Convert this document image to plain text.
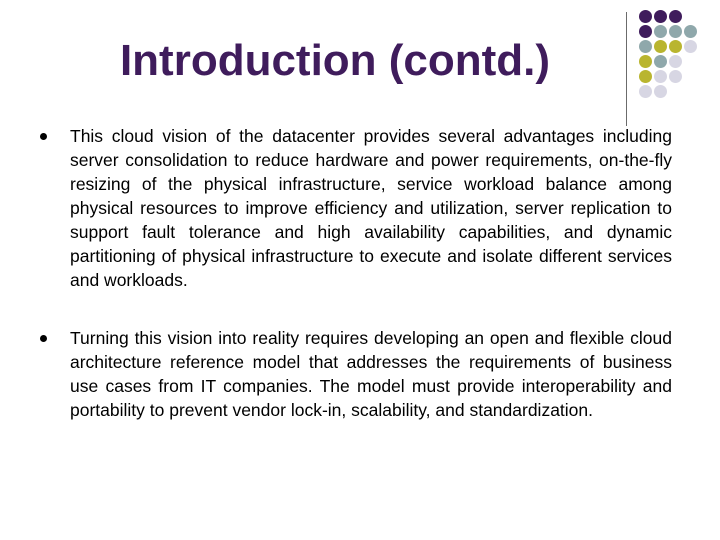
Introduction (contd.)
This cloud vision of the datacenter provides several advantages including server consolidation to reduce hardware and power requirements, on-the-fly resizing of the physical infrastructure, service workload balance among physical resources to improve efficiency and utilization, server replication to support fault tolerance and high availability capabilities, and dynamic partitioning of physical infrastructure to execute and isolate different services and workloads.
Turning this vision into reality requires developing an open and flexible cloud architecture reference model that addresses the requirements of business use cases from IT companies. The model must provide interoperability and portability to prevent vendor lock-in, scalability, and standardization.
